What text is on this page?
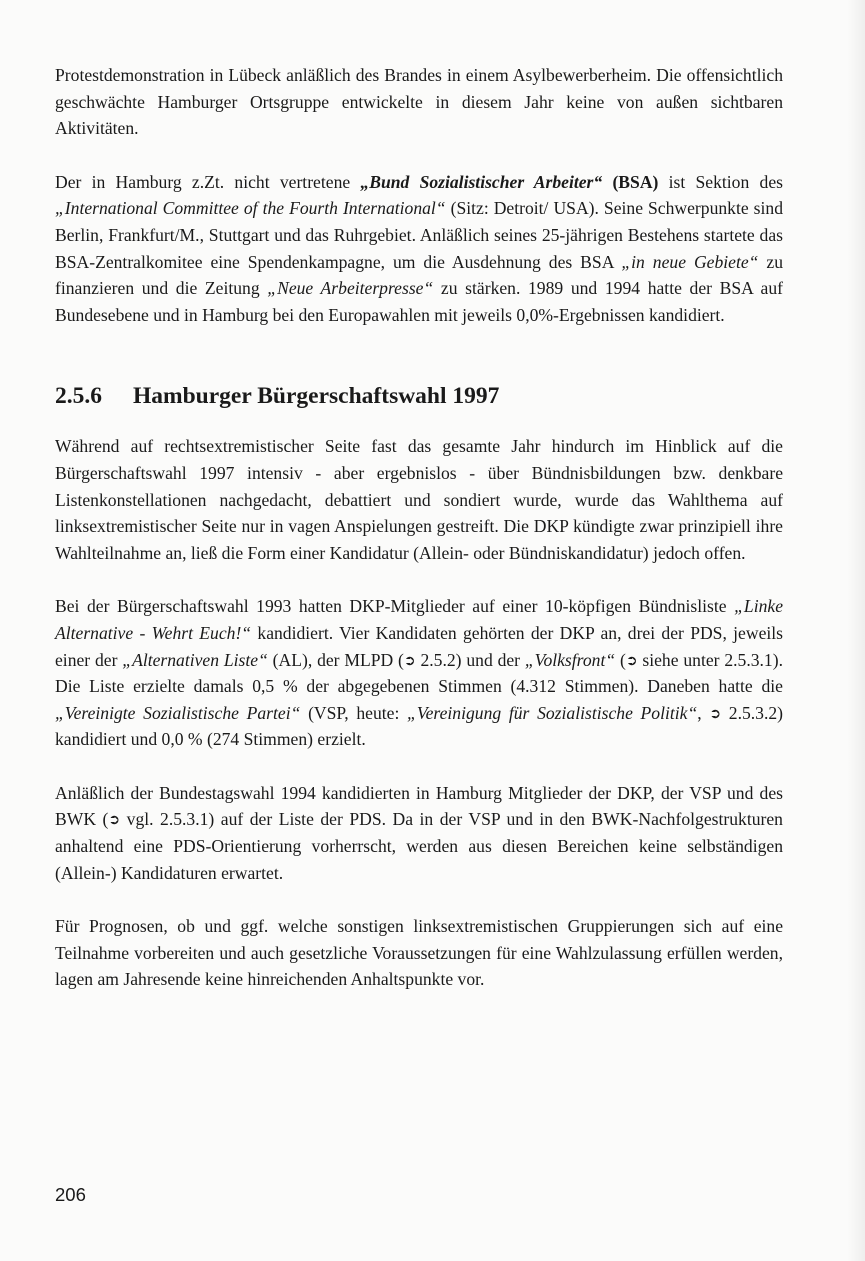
Protestdemonstration in Lübeck anläßlich des Brandes in einem Asylbewerberheim. Die offensichtlich geschwächte Hamburger Ortsgruppe entwickelte in diesem Jahr keine von außen sichtbaren Aktivitäten.

Der in Hamburg z.Zt. nicht vertretene „Bund Sozialistischer Arbeiter“ (BSA) ist Sektion des „International Committee of the Fourth International“ (Sitz: Detroit/ USA). Seine Schwerpunkte sind Berlin, Frankfurt/M., Stuttgart und das Ruhrgebiet. Anläßlich seines 25-jährigen Bestehens startete das BSA-Zentralkomitee eine Spendenkampagne, um die Ausdehnung des BSA „in neue Gebiete“ zu finanzieren und die Zeitung „Neue Arbeiterpresse“ zu stärken. 1989 und 1994 hatte der BSA auf Bundesebene und in Hamburg bei den Europawahlen mit jeweils 0,0%-Ergebnissen kandidiert.

2.5.6 Hamburger Bürgerschaftswahl 1997

Während auf rechtsextremistischer Seite fast das gesamte Jahr hindurch im Hinblick auf die Bürgerschaftswahl 1997 intensiv - aber ergebnislos - über Bündnisbildungen bzw. denkbare Listenkonstellationen nachgedacht, debattiert und sondiert wurde, wurde das Wahlthema auf linksextremistischer Seite nur in vagen Anspielungen gestreift. Die DKP kündigte zwar prinzipiell ihre Wahlteilnahme an, ließ die Form einer Kandidatur (Allein- oder Bündniskandidatur) jedoch offen.

Bei der Bürgerschaftswahl 1993 hatten DKP-Mitglieder auf einer 10-köpfigen Bündnisliste „Linke Alternative - Wehrt Euch!“ kandidiert. Vier Kandidaten gehörten der DKP an, drei der PDS, jeweils einer der „Alternativen Liste“ (AL), der MLPD (➲ 2.5.2) und der „Volksfront“ (➲ siehe unter 2.5.3.1). Die Liste erzielte damals 0,5 % der abgegebenen Stimmen (4.312 Stimmen). Daneben hatte die „Vereinigte Sozialistische Partei“ (VSP, heute: „Vereinigung für Sozialistische Politik“, ➲ 2.5.3.2) kandidiert und 0,0 % (274 Stimmen) erzielt.

Anläßlich der Bundestagswahl 1994 kandidierten in Hamburg Mitglieder der DKP, der VSP und des BWK (➲ vgl. 2.5.3.1) auf der Liste der PDS. Da in der VSP und in den BWK-Nachfolgestrukturen anhaltend eine PDS-Orientierung vorherrscht, werden aus diesen Bereichen keine selbständigen (Allein-) Kandidaturen erwartet.

Für Prognosen, ob und ggf. welche sonstigen linksextremistischen Gruppierungen sich auf eine Teilnahme vorbereiten und auch gesetzliche Voraussetzungen für eine Wahlzulassung erfüllen werden, lagen am Jahresende keine hinreichenden Anhaltspunkte vor.

206
